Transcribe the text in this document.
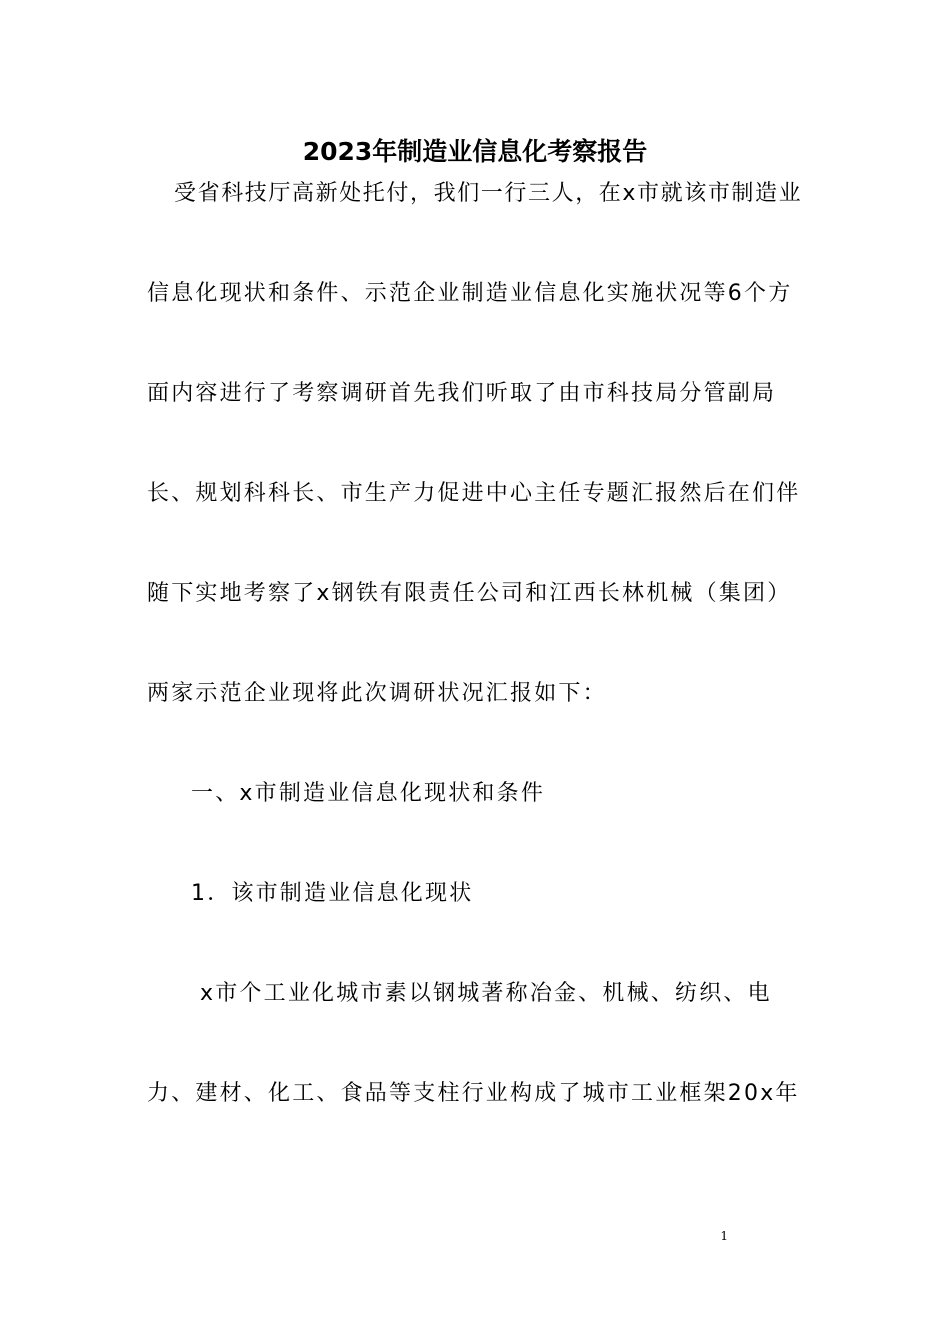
2023年制造业信息化考察报告
受省科技厅高新处托付，我们一行三人，在x市就该市制造业
信息化现状和条件、示范企业制造业信息化实施状况等6个方
面内容进行了考察调研首先我们听取了由市科技局分管副局
长、规划科科长、市生产力促进中心主任专题汇报然后在们伴
随下实地考察了x钢铁有限责任公司和江西长林机械（集团）
两家示范企业现将此次调研状况汇报如下：
一、x市制造业信息化现状和条件
1．该市制造业信息化现状
x市个工业化城市素以钢城著称冶金、机械、纺织、电
力、建材、化工、食品等支柱行业构成了城市工业框架20x年
1
